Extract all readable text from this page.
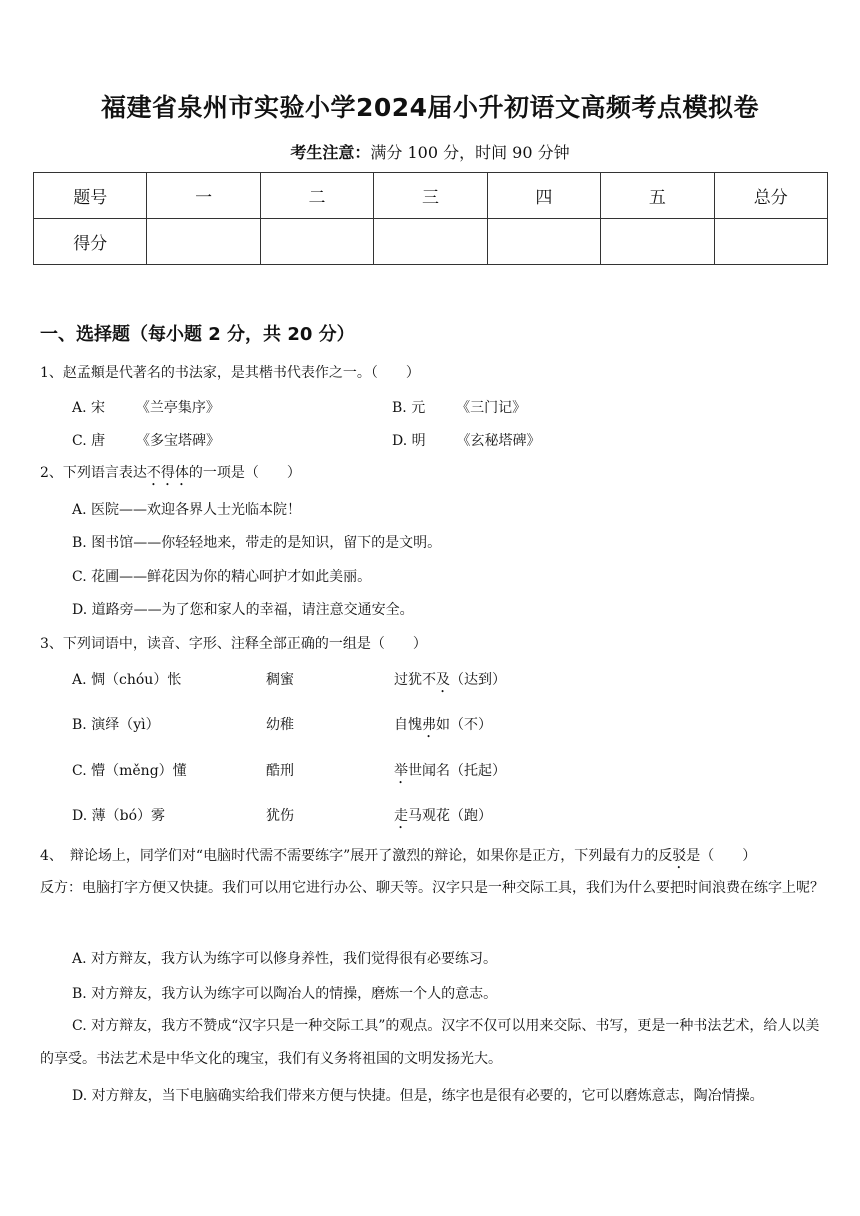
福建省泉州市实验小学2024届小升初语文高频考点模拟卷
考生注意：满分 100 分，时间 90 分钟
题号	一	二	三	四	五	总分
得分						
一、选择题（每小题 2 分，共 20 分）
1、赵孟頫是代著名的书法家，是其楷书代表作之一。（　　）
A. 宋 《兰亭集序》	B. 元 《三门记》
C. 唐 《多宝塔碑》	D. 明 《玄秘塔碑》
2、下列语言表达不得体的一项是（　　）
A. 医院——欢迎各界人士光临本院！
B. 图书馆——你轻轻地来，带走的是知识，留下的是文明。
C. 花圃——鲜花因为你的精心呵护才如此美丽。
D. 道路旁——为了您和家人的幸福，请注意交通安全。
3、下列词语中，读音、字形、注释全部正确的一组是（　　）
A. 惆（chóu）怅	稠蜜	过犹不及（达到）
B. 演绎（yì）	幼稚	自愧弗如（不）
C. 懵（měng）懂	酷刑	举世闻名（托起）
D. 薄（bó）雾	犹伤	走马观花（跑）
4、　辩论场上，同学们对“电脑时代需不需要练字”展开了激烈的辩论，如果你是正方，下列最有力的反驳是（　　）
反方：电脑打字方便又快捷。我们可以用它进行办公、聊天等。汉字只是一种交际工具，我们为什么要把时间浪费在练字上呢？
A. 对方辩友，我方认为练字可以修身养性，我们觉得很有必要练习。
B. 对方辩友，我方认为练字可以陶冶人的情操，磨炼一个人的意志。
C. 对方辩友，我方不赞成“汉字只是一种交际工具”的观点。汉字不仅可以用来交际、书写，更是一种书法艺术，给人以美的享受。书法艺术是中华文化的瑰宝，我们有义务将祖国的文明发扬光大。
D. 对方辩友，当下电脑确实给我们带来方便与快捷。但是，练字也是很有必要的，它可以磨炼意志，陶冶情操。
